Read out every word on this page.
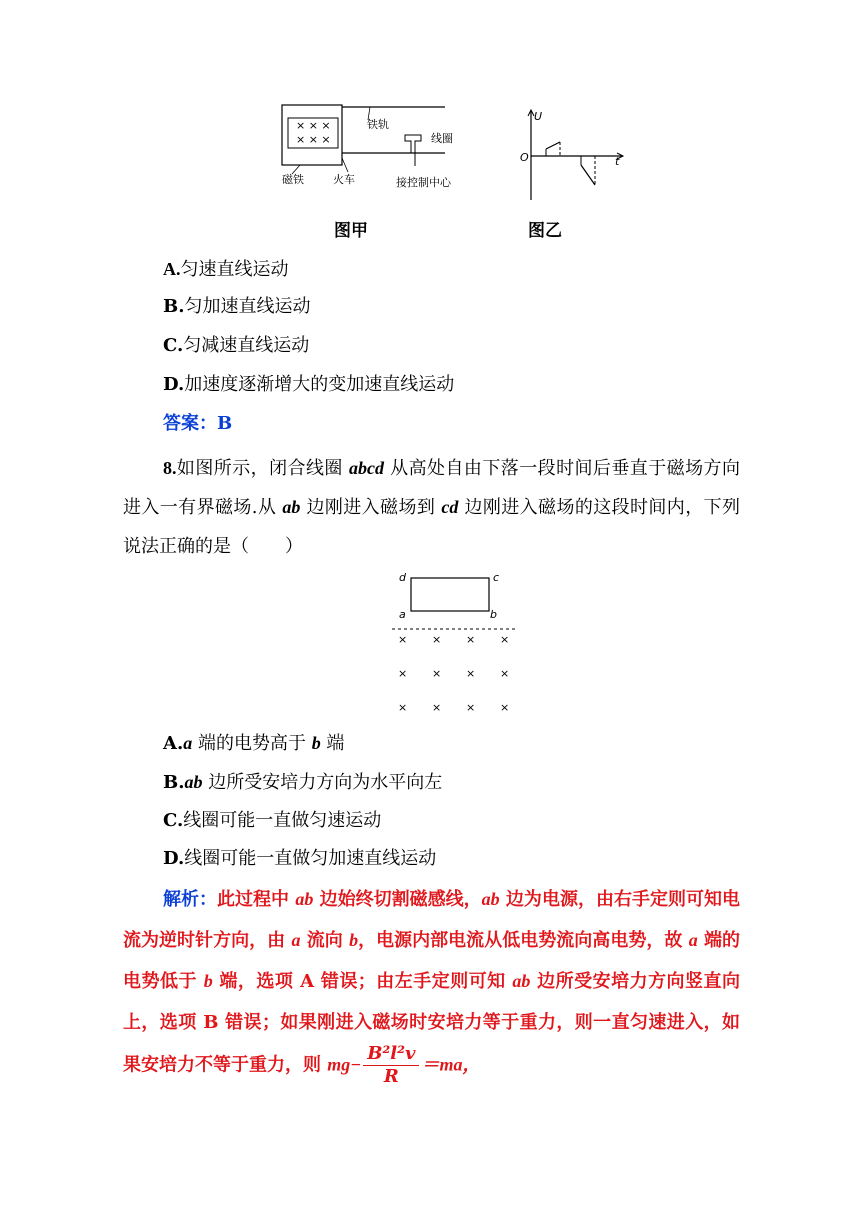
× × ×
× × ×
铁轨
线圈
磁铁	火车	接控制中心
图甲
U
O	t
图乙
A.匀速直线运动
B.匀加速直线运动
C.匀减速直线运动
D.加速度逐渐增大的变加速直线运动
答案：B
8.如图所示，闭合线圈 abcd 从高处自由下落一段时间后垂直于磁场方向进入一有界磁场.从 ab 边刚进入磁场到 cd 边刚进入磁场的这段时间内，下列说法正确的是（　　）
d	c
a	b
× × × ×
× × × ×
× × × ×
A.a 端的电势高于 b 端
B.ab 边所受安培力方向为水平向左
C.线圈可能一直做匀速运动
D.线圈可能一直做匀加速直线运动
解析：此过程中 ab 边始终切割磁感线，ab 边为电源，由右手定则可知电流为逆时针方向，由 a 流向 b，电源内部电流从低电势流向高电势，故 a 端的电势低于 b 端，选项 A 错误；由左手定则可知 ab 边所受安培力方向竖直向上，选项 B 错误；如果刚进入磁场时安培力等于重力，则一直匀速进入，如果安培力不等于重力，则 $mg- \frac{\text{B²l²v}}{R} =ma$，
